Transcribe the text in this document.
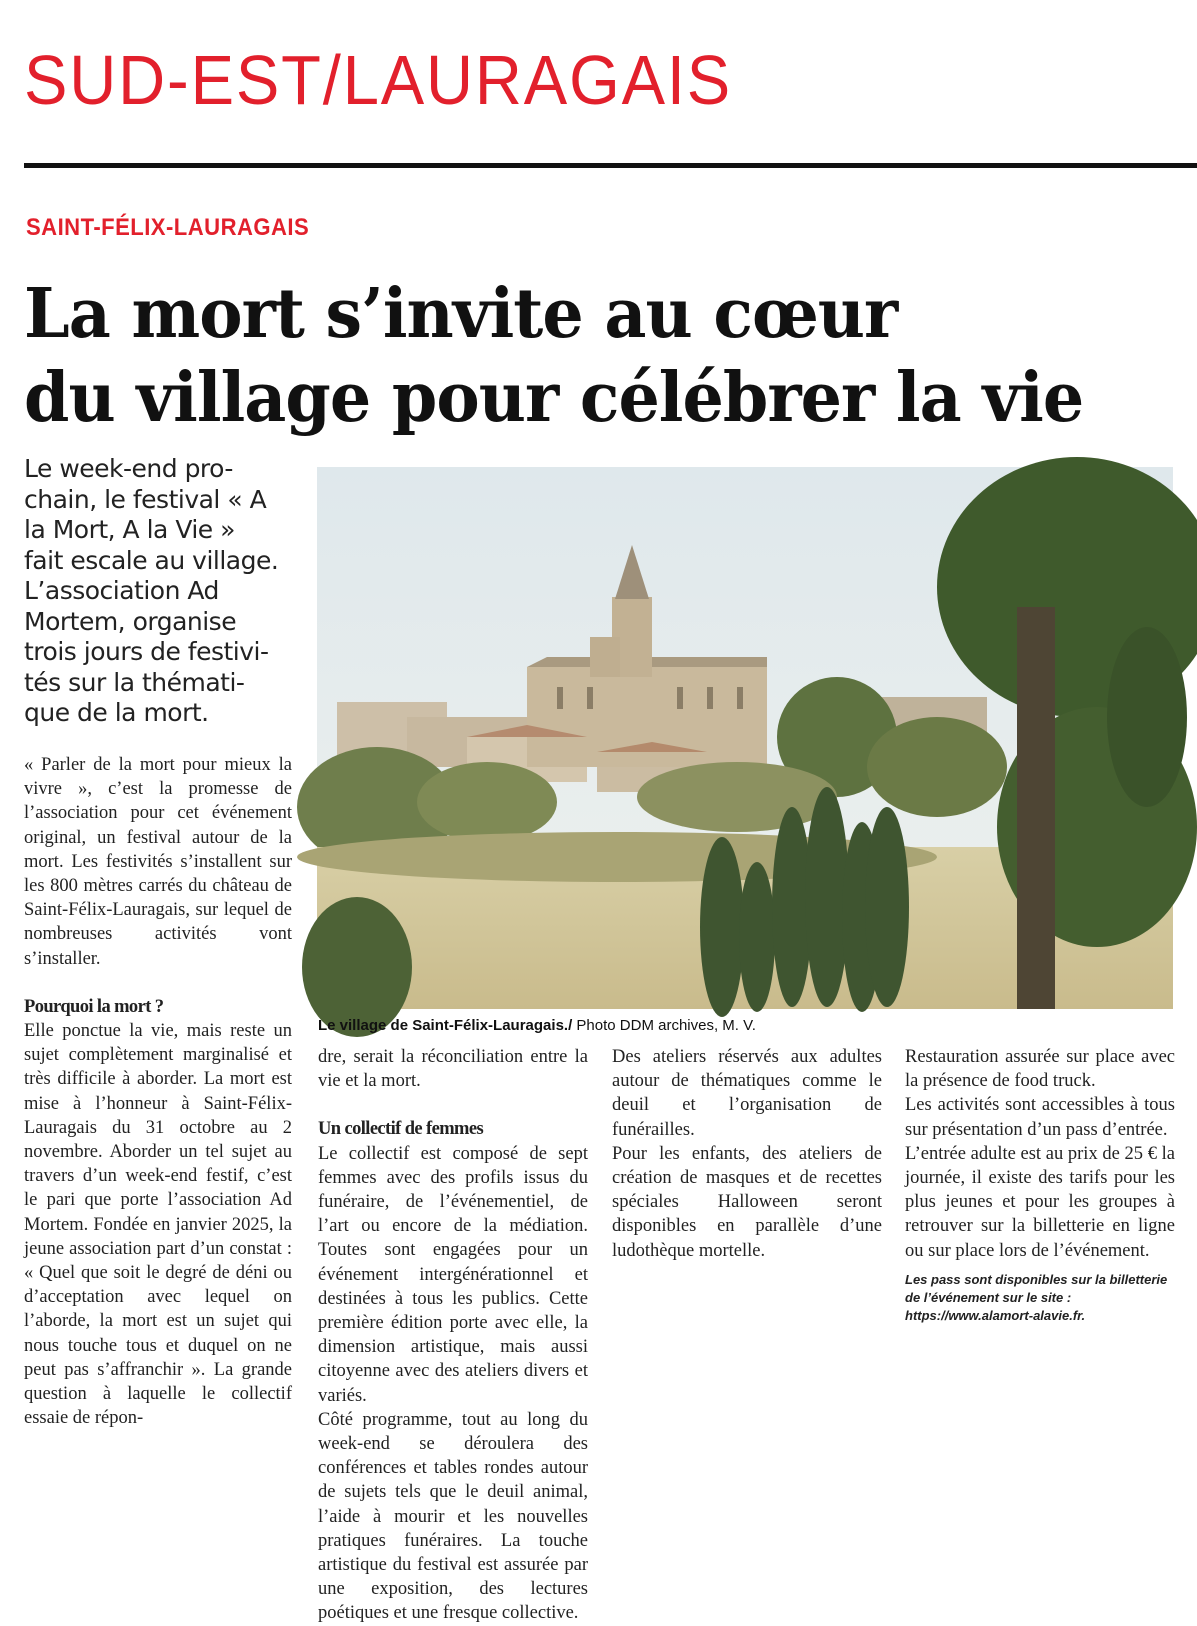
SUD-EST/LAURAGAIS
SAINT-FÉLIX-LAURAGAIS
La mort s’invite au cœur
du village pour célébrer la vie
Le week-end pro-
chain, le festival « A
la Mort, A la Vie »
fait escale au village.
L’association Ad
Mortem, organise
trois jours de festivi-
tés sur la thémati-
que de la mort.
Le village de Saint-Félix-Lauragais./ Photo DDM archives, M. V.

« Parler de la mort pour mieux la vivre », c’est la promesse de l’association pour cet événement original, un festival autour de la mort. Les festivités s’installent sur les 800 mètres carrés du château de Saint-Félix-Lauragais, sur lequel de nombreuses activités vont s’installer.

Pourquoi la mort ?

Elle ponctue la vie, mais reste un sujet complètement marginalisé et très difficile à aborder. La mort est mise à l’honneur à Saint-Félix-Lauragais du 31 octobre au 2 novembre. Aborder un tel sujet au travers d’un week-end festif, c’est le pari que porte l’association Ad Mortem. Fondée en janvier 2025, la jeune association part d’un constat : « Quel que soit le degré de déni ou d’acceptation avec lequel on l’aborde, la mort est un sujet qui nous touche tous et duquel on ne peut pas s’affranchir ». La grande question à laquelle le collectif essaie de répon-

dre, serait la réconciliation entre la vie et la mort.

Un collectif de femmes

Le collectif est composé de sept femmes avec des profils issus du funéraire, de l’événementiel, de l’art ou encore de la médiation. Toutes sont engagées pour un événement intergénérationnel et destinées à tous les publics. Cette première édition porte avec elle, la dimension artistique, mais aussi citoyenne avec des ateliers divers et variés.

Côté programme, tout au long du week-end se déroulera des conférences et tables rondes autour de sujets tels que le deuil animal, l’aide à mourir et les nouvelles pratiques funéraires. La touche artistique du festival est assurée par une exposition, des lectures poétiques et une fresque collective.

Des ateliers réservés aux adultes autour de thématiques comme le deuil et l’organisation de funérailles.

Pour les enfants, des ateliers de création de masques et de recettes spéciales Halloween seront disponibles en parallèle d’une ludothèque mortelle.

Restauration assurée sur place avec la présence de food truck.

Les activités sont accessibles à tous sur présentation d’un pass d’entrée.

L’entrée adulte est au prix de 25 € la journée, il existe des tarifs pour les plus jeunes et pour les groupes à retrouver sur la billetterie en ligne ou sur place lors de l’événement.

Les pass sont disponibles sur la billetterie de l’événement sur le site : https://www.alamort-alavie.fr.
